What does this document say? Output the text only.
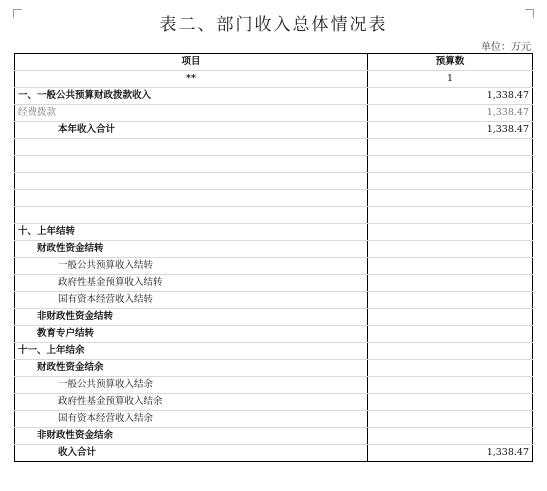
表二、部门收入总体情况表
单位：万元
项目	预算数
**	1
一、一般公共预算财政拨款收入	1,338.47
经费拨款	1,338.47
本年收入合计	1,338.47

十、上年结转	
财政性资金结转	
一般公共预算收入结转	
政府性基金预算收入结转	
国有资本经营收入结转	
非财政性资金结转	
教育专户结转	
十一、上年结余	
财政性资金结余	
一般公共预算收入结余	
政府性基金预算收入结余	
国有资本经营收入结余	
非财政性资金结余	
收入合计	1,338.47
